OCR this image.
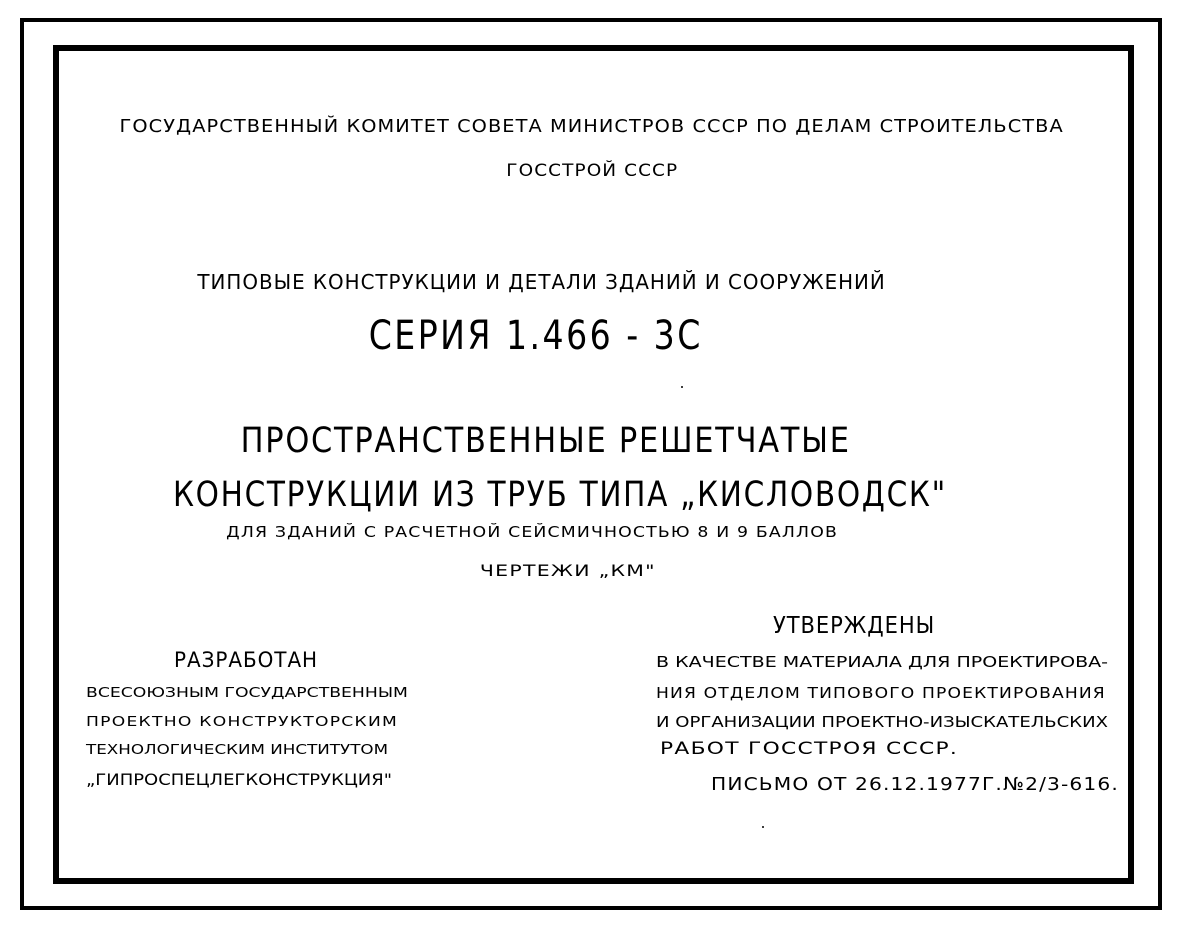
ГОСУДАРСТВЕННЫЙ КОМИТЕТ СОВЕТА МИНИСТРОВ СССР ПО ДЕЛАМ СТРОИТЕЛЬСТВА
ГОССТРОЙ СССР
ТИПОВЫЕ КОНСТРУКЦИИ И ДЕТАЛИ ЗДАНИЙ И СООРУЖЕНИЙ
СЕРИЯ 1.466 - 3С
ПРОСТРАНСТВЕННЫЕ РЕШЕТЧАТЫЕ
КОНСТРУКЦИИ ИЗ ТРУБ ТИПА „КИСЛОВОДСК"
ДЛЯ ЗДАНИЙ С РАСЧЕТНОЙ СЕЙСМИЧНОСТЬЮ 8 И 9 БАЛЛОВ
ЧЕРТЕЖИ „КМ"
РАЗРАБОТАН
ВСЕСОЮЗНЫМ ГОСУДАРСТВЕННЫМ
ПРОЕКТНО КОНСТРУКТОРСКИМ
ТЕХНОЛОГИЧЕСКИМ ИНСТИТУТОМ
„ГИПРОСПЕЦЛЕГКОНСТРУКЦИЯ"
УТВЕРЖДЕНЫ
В КАЧЕСТВЕ МАТЕРИАЛА ДЛЯ ПРОЕКТИРОВА-
НИЯ ОТДЕЛОМ ТИПОВОГО ПРОЕКТИРОВАНИЯ
И ОРГАНИЗАЦИИ ПРОЕКТНО-ИЗЫСКАТЕЛЬСКИХ
РАБОТ ГОССТРОЯ СССР.
ПИСЬМО ОТ 26.12.1977Г.№2/3-616.
